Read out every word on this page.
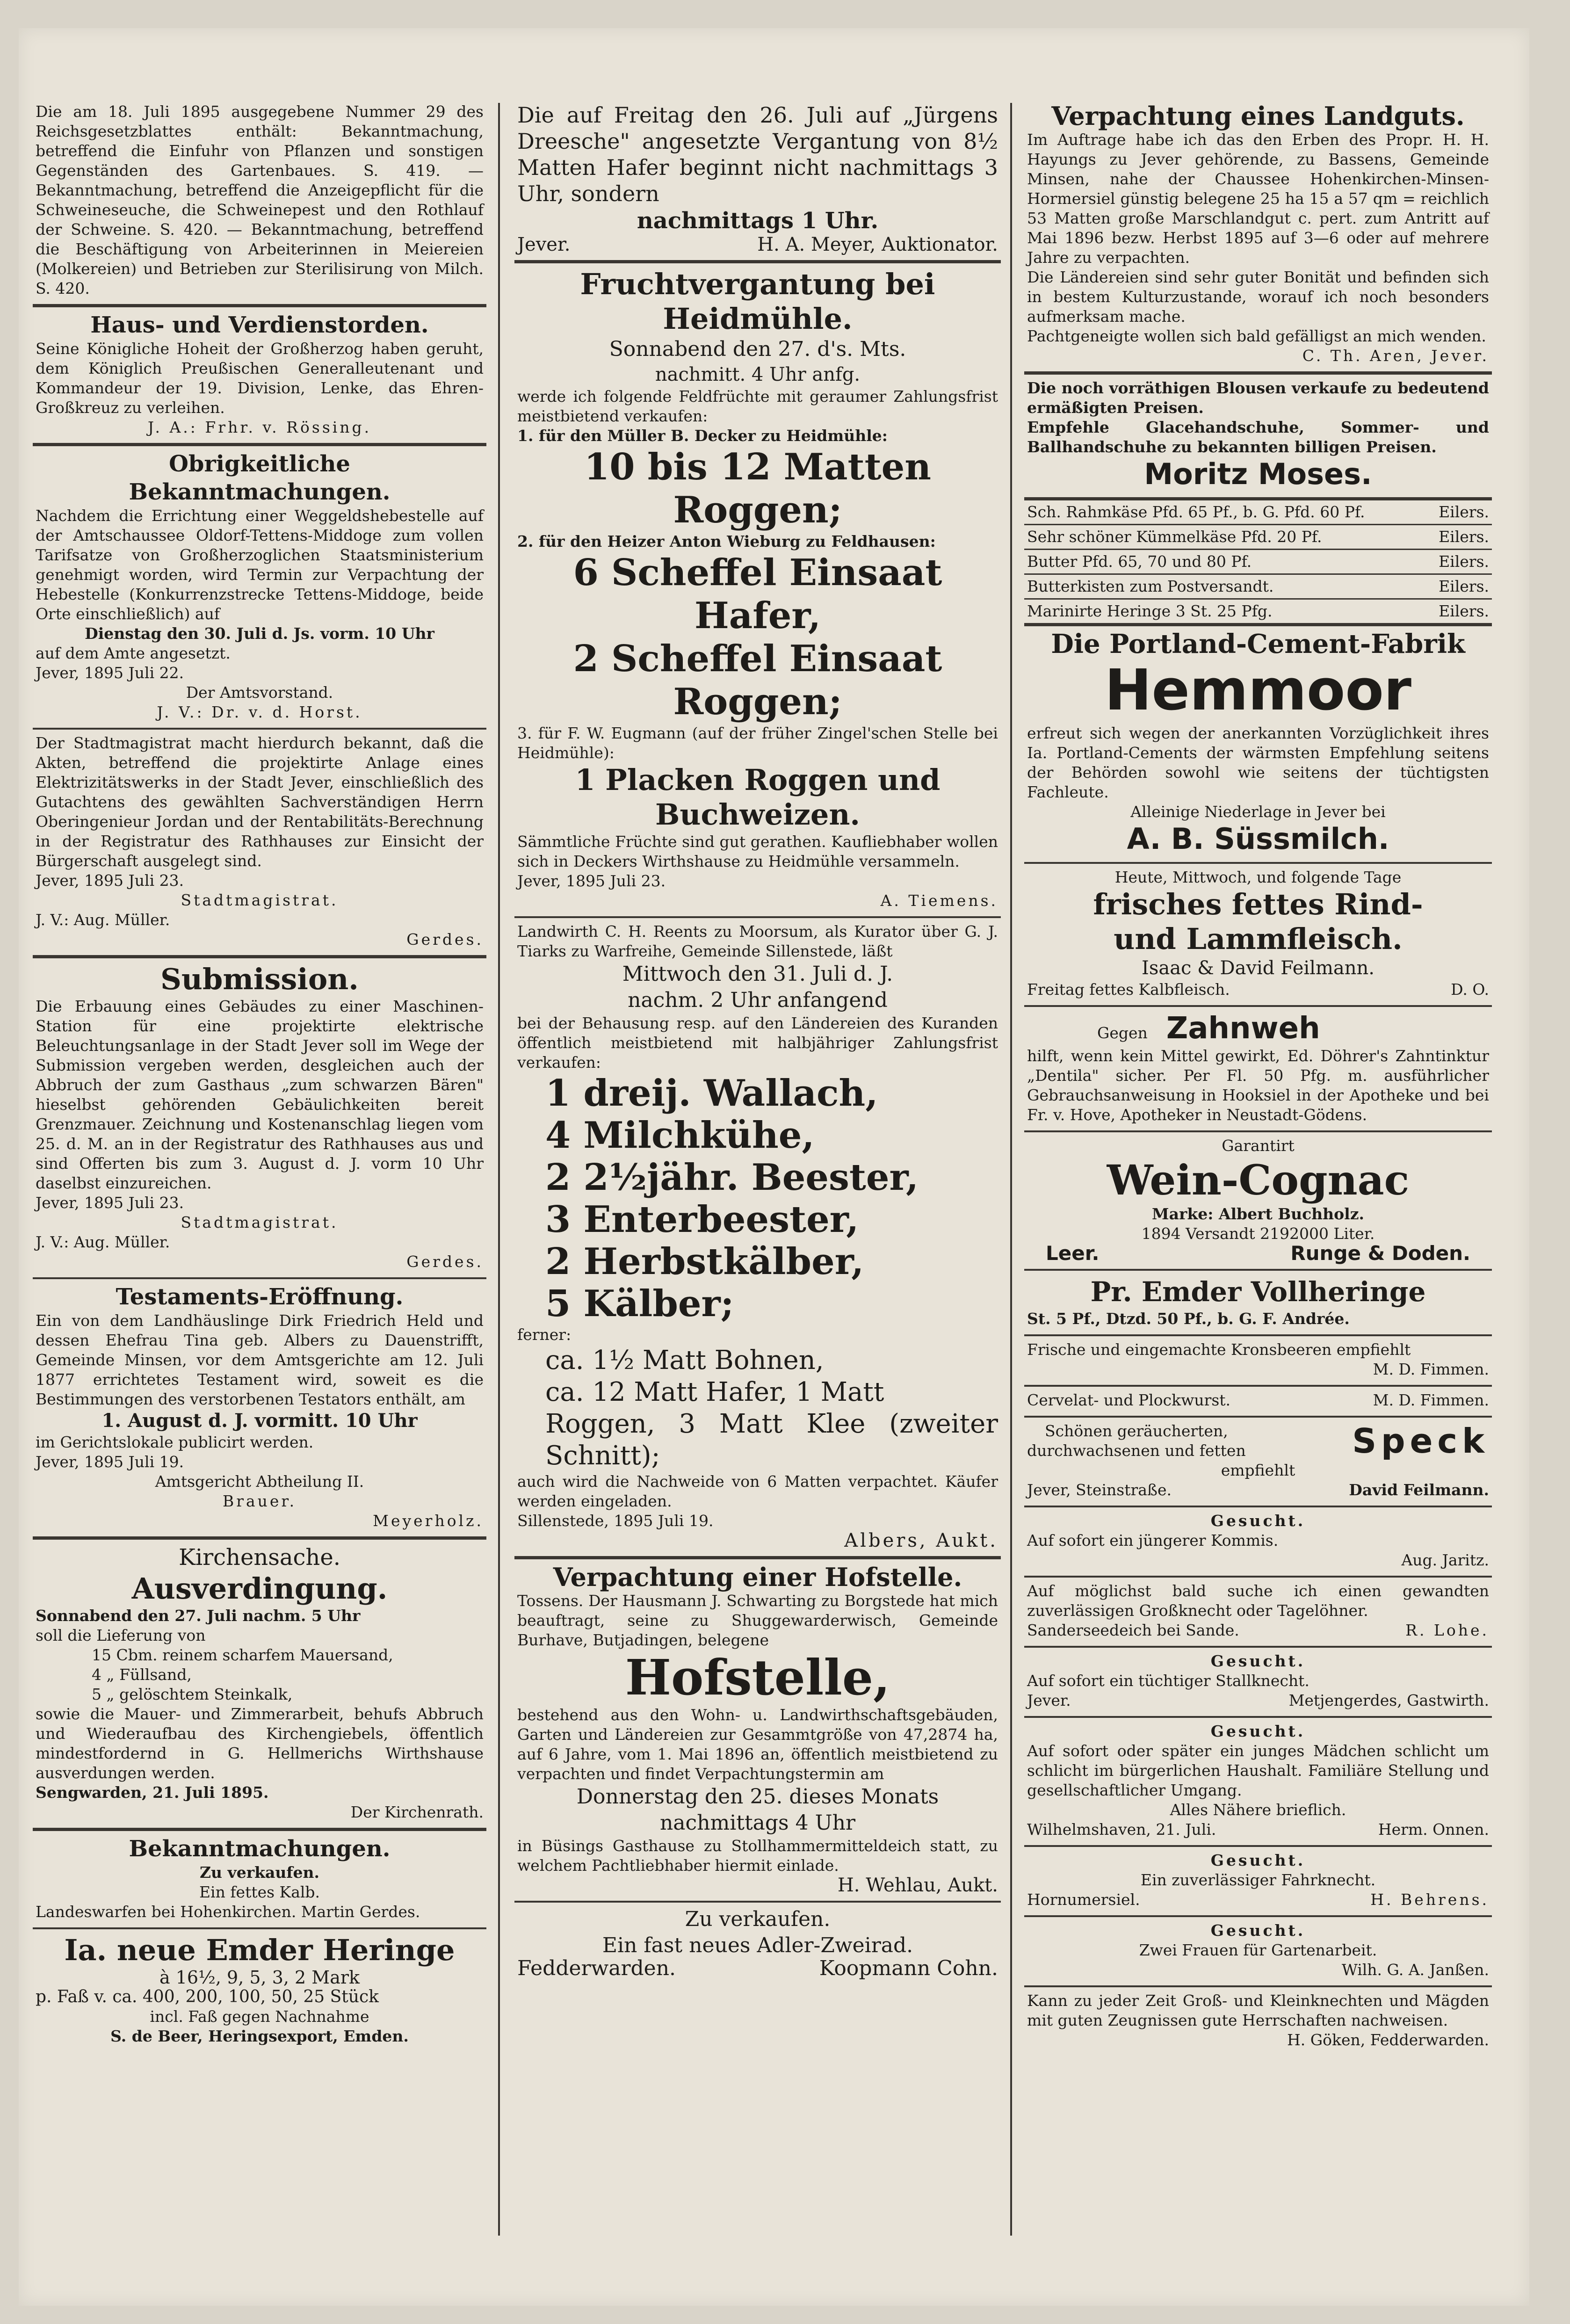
Die am 18. Juli 1895 ausgegebene Nummer 29 des Reichsgesetzblattes enthält: Bekanntmachung, betreffend die Einfuhr von Pflanzen und sonstigen Gegenständen des Gartenbaues. S. 419. — Bekanntmachung, betreffend die Anzeigepflicht für die Schweineseuche, die Schweinepest und den Rothlauf der Schweine. S. 420. — Bekanntmachung, betreffend die Beschäftigung von Arbeiterinnen in Meiereien (Molkereien) und Betrieben zur Sterilisirung von Milch. S. 420.

Haus- und Verdienstorden.

Seine Königliche Hoheit der Großherzog haben geruht, dem Königlich Preußischen Generalleutenant und Kommandeur der 19. Division, Lenke, das Ehren-Großkreuz zu verleihen.

J. A.: Frhr. v. Rössing.

Obrigkeitliche Bekanntmachungen.

Nachdem die Errichtung einer Weggeldshebestelle auf der Amtschaussee Oldorf-Tettens-Middoge zum vollen Tarifsatze von Großherzoglichen Staatsministerium genehmigt worden, wird Termin zur Verpachtung der Hebestelle (Konkurrenzstrecke Tettens-Middoge, beide Orte einschließlich) auf

Dienstag den 30. Juli d. Js. vorm. 10 Uhr

auf dem Amte angesetzt.

Jever, 1895 Juli 22.

Der Amtsvorstand.

J. V.: Dr. v. d. Horst.

Der Stadtmagistrat macht hierdurch bekannt, daß die Akten, betreffend die projektirte Anlage eines Elektrizitätswerks in der Stadt Jever, einschließlich des Gutachtens des gewählten Sachverständigen Herrn Oberingenieur Jordan und der Rentabilitäts-Berechnung in der Registratur des Rathhauses zur Einsicht der Bürgerschaft ausgelegt sind.

Jever, 1895 Juli 23.

Stadtmagistrat.

J. V.: Aug. Müller.

Gerdes.

Submission.

Die Erbauung eines Gebäudes zu einer Maschinen-Station für eine projektirte elektrische Beleuchtungsanlage in der Stadt Jever soll im Wege der Submission vergeben werden, desgleichen auch der Abbruch der zum Gasthaus „zum schwarzen Bären" hieselbst gehörenden Gebäulichkeiten bereit Grenzmauer. Zeichnung und Kostenanschlag liegen vom 25. d. M. an in der Registratur des Rathhauses aus und sind Offerten bis zum 3. August d. J. vorm 10 Uhr daselbst einzureichen.

Jever, 1895 Juli 23.

Stadtmagistrat.

J. V.: Aug. Müller.

Gerdes.

Testaments-Eröffnung.

Ein von dem Landhäuslinge Dirk Friedrich Held und dessen Ehefrau Tina geb. Albers zu Dauenstrifft, Gemeinde Minsen, vor dem Amtsgerichte am 12. Juli 1877 errichtetes Testament wird, soweit es die Bestimmungen des verstorbenen Testators enthält, am

1. August d. J. vormitt. 10 Uhr

im Gerichtslokale publicirt werden.

Jever, 1895 Juli 19.

Amtsgericht Abtheilung II.

Brauer.

Meyerholz.

Kirchensache.

Ausverdingung.

Sonnabend den 27. Juli nachm. 5 Uhr

soll die Lieferung von

15 Cbm. reinem scharfem Mauersand,

4 „ Füllsand,

5 „ gelöschtem Steinkalk,

sowie die Mauer- und Zimmerarbeit, behufs Abbruch und Wiederaufbau des Kirchengiebels, öffentlich mindestfordernd in G. Hellmerichs Wirthshause ausverdungen werden.

Sengwarden, 21. Juli 1895.

Der Kirchenrath.

Bekanntmachungen.

Zu verkaufen.

Ein fettes Kalb.

Landeswarfen bei Hohenkirchen. Martin Gerdes.

Ia. neue Emder Heringe

à 16½, 9, 5, 3, 2 Mark

p. Faß v. ca. 400, 200, 100, 50, 25 Stück

incl. Faß gegen Nachnahme

S. de Beer, Heringsexport, Emden.

Die auf Freitag den 26. Juli auf „Jürgens Dreesche" angesetzte Vergantung von 8½ Matten Hafer beginnt nicht nachmittags 3 Uhr, sondern

nachmittags 1 Uhr.

Jever.	H. A. Meyer, Auktionator.

Fruchtvergantung bei Heidmühle.

Sonnabend den 27. d's. Mts.

nachmitt. 4 Uhr anfg.

werde ich folgende Feldfrüchte mit geraumer Zahlungsfrist meistbietend verkaufen:

1. für den Müller B. Decker zu Heidmühle:

10 bis 12 Matten

Roggen;

2. für den Heizer Anton Wieburg zu Feldhausen:

6 Scheffel Einsaat

Hafer,

2 Scheffel Einsaat

Roggen;

3. für F. W. Eugmann (auf der früher Zingel'schen Stelle bei Heidmühle):

1 Placken Roggen und

Buchweizen.

Sämmtliche Früchte sind gut gerathen. Kaufliebhaber wollen sich in Deckers Wirthshause zu Heidmühle versammeln.

Jever, 1895 Juli 23.

A. Tiemens.

Landwirth C. H. Reents zu Moorsum, als Kurator über G. J. Tiarks zu Warfreihe, Gemeinde Sillenstede, läßt

Mittwoch den 31. Juli d. J.

nachm. 2 Uhr anfangend

bei der Behausung resp. auf den Ländereien des Kuranden öffentlich meistbietend mit halbjähriger Zahlungsfrist verkaufen:

1 dreij. Wallach,

4 Milchkühe,

2 2½jähr. Beester,

3 Enterbeester,

2 Herbstkälber,

5 Kälber;

ferner:

ca. 1½ Matt Bohnen,

ca. 12 Matt Hafer, 1 Matt

Roggen, 3 Matt Klee (zweiter Schnitt);

auch wird die Nachweide von 6 Matten verpachtet. Käufer werden eingeladen.

Sillenstede, 1895 Juli 19.

Albers, Aukt.

Verpachtung einer Hofstelle.

Tossens. Der Hausmann J. Schwarting zu Borgstede hat mich beauftragt, seine zu Shuggewarderwisch, Gemeinde Burhave, Butjadingen, belegene

Hofstelle,

bestehend aus den Wohn- u. Landwirthschaftsgebäuden, Garten und Ländereien zur Gesammtgröße von 47,2874 ha, auf 6 Jahre, vom 1. Mai 1896 an, öffentlich meistbietend zu verpachten und findet Verpachtungstermin am

Donnerstag den 25. dieses Monats

nachmittags 4 Uhr

in Büsings Gasthause zu Stollhammermitteldeich statt, zu welchem Pachtliebhaber hiermit einlade.

H. Wehlau, Aukt.

Zu verkaufen.

Ein fast neues Adler-Zweirad.

Fedderwarden.	Koopmann Cohn.

Verpachtung eines Landguts.

Im Auftrage habe ich das den Erben des Propr. H. H. Hayungs zu Jever gehörende, zu Bassens, Gemeinde Minsen, nahe der Chaussee Hohenkirchen-Minsen-Hormersiel günstig belegene 25 ha 15 a 57 qm = reichlich 53 Matten große Marschlandgut c. pert. zum Antritt auf Mai 1896 bezw. Herbst 1895 auf 3—6 oder auf mehrere Jahre zu verpachten.

Die Ländereien sind sehr guter Bonität und befinden sich in bestem Kulturzustande, worauf ich noch besonders aufmerksam mache.

Pachtgeneigte wollen sich bald gefälligst an mich wenden.

C. Th. Aren, Jever.

Die noch vorräthigen Blousen verkaufe zu bedeutend ermäßigten Preisen.

Empfehle Glacehandschuhe, Sommer- und Ballhandschuhe zu bekannten billigen Preisen.

Moritz Moses.

Sch. Rahmkäse Pfd. 65 Pf., b. G. Pfd. 60 Pf.	Eilers.

Sehr schöner Kümmelkäse Pfd. 20 Pf.	Eilers.

Butter Pfd. 65, 70 und 80 Pf.	Eilers.

Butterkisten zum Postversandt.	Eilers.

Marinirte Heringe 3 St. 25 Pfg.	Eilers.

Die Portland-Cement-Fabrik

Hemmoor

erfreut sich wegen der anerkannten Vorzüglichkeit ihres Ia. Portland-Cements der wärmsten Empfehlung seitens der Behörden sowohl wie seitens der tüchtigsten Fachleute.

Alleinige Niederlage in Jever bei

A. B. Süssmilch.

Heute, Mittwoch, und folgende Tage

frisches fettes Rind-

und Lammfleisch.

Isaac & David Feilmann.

Freitag fettes Kalbfleisch.	D. O.

Gegen Zahnweh

hilft, wenn kein Mittel gewirkt, Ed. Döhrer's Zahntinktur „Dentila" sicher. Per Fl. 50 Pfg. m. ausführlicher Gebrauchsanweisung in Hooksiel in der Apotheke und bei Fr. v. Hove, Apotheker in Neustadt-Gödens.

Garantirt

Wein-Cognac

Marke: Albert Buchholz.

1894 Versandt 2192000 Liter.

Leer.	Runge & Doden.

Pr. Emder Vollheringe

St. 5 Pf., Dtzd. 50 Pf., b. G. F. Andrée.

Frische und eingemachte Kronsbeeren empfiehlt

M. D. Fimmen.

Cervelat- und Plockwurst.	M. D. Fimmen.

Schönen geräucherten,

durchwachsenen und fetten	Speck

empfiehlt

Jever, Steinstraße.	David Feilmann.

Gesucht.

Auf sofort ein jüngerer Kommis.

Aug. Jaritz.

Auf möglichst bald suche ich einen gewandten zuverlässigen Großknecht oder Tagelöhner.

Sanderseedeich bei Sande.	R. Lohe.

Gesucht.

Auf sofort ein tüchtiger Stallknecht.

Jever.	Metjengerdes, Gastwirth.

Gesucht.

Auf sofort oder später ein junges Mädchen schlicht um schlicht im bürgerlichen Haushalt. Familiäre Stellung und gesellschaftlicher Umgang.

Alles Nähere brieflich.

Wilhelmshaven, 21. Juli.	Herm. Onnen.

Gesucht.

Ein zuverlässiger Fahrknecht.

Hornumersiel.	H. Behrens.

Gesucht.

Zwei Frauen für Gartenarbeit.

Wilh. G. A. Janßen.

Kann zu jeder Zeit Groß- und Kleinknechten und Mägden mit guten Zeugnissen gute Herrschaften nachweisen.

H. Göken, Fedderwarden.
